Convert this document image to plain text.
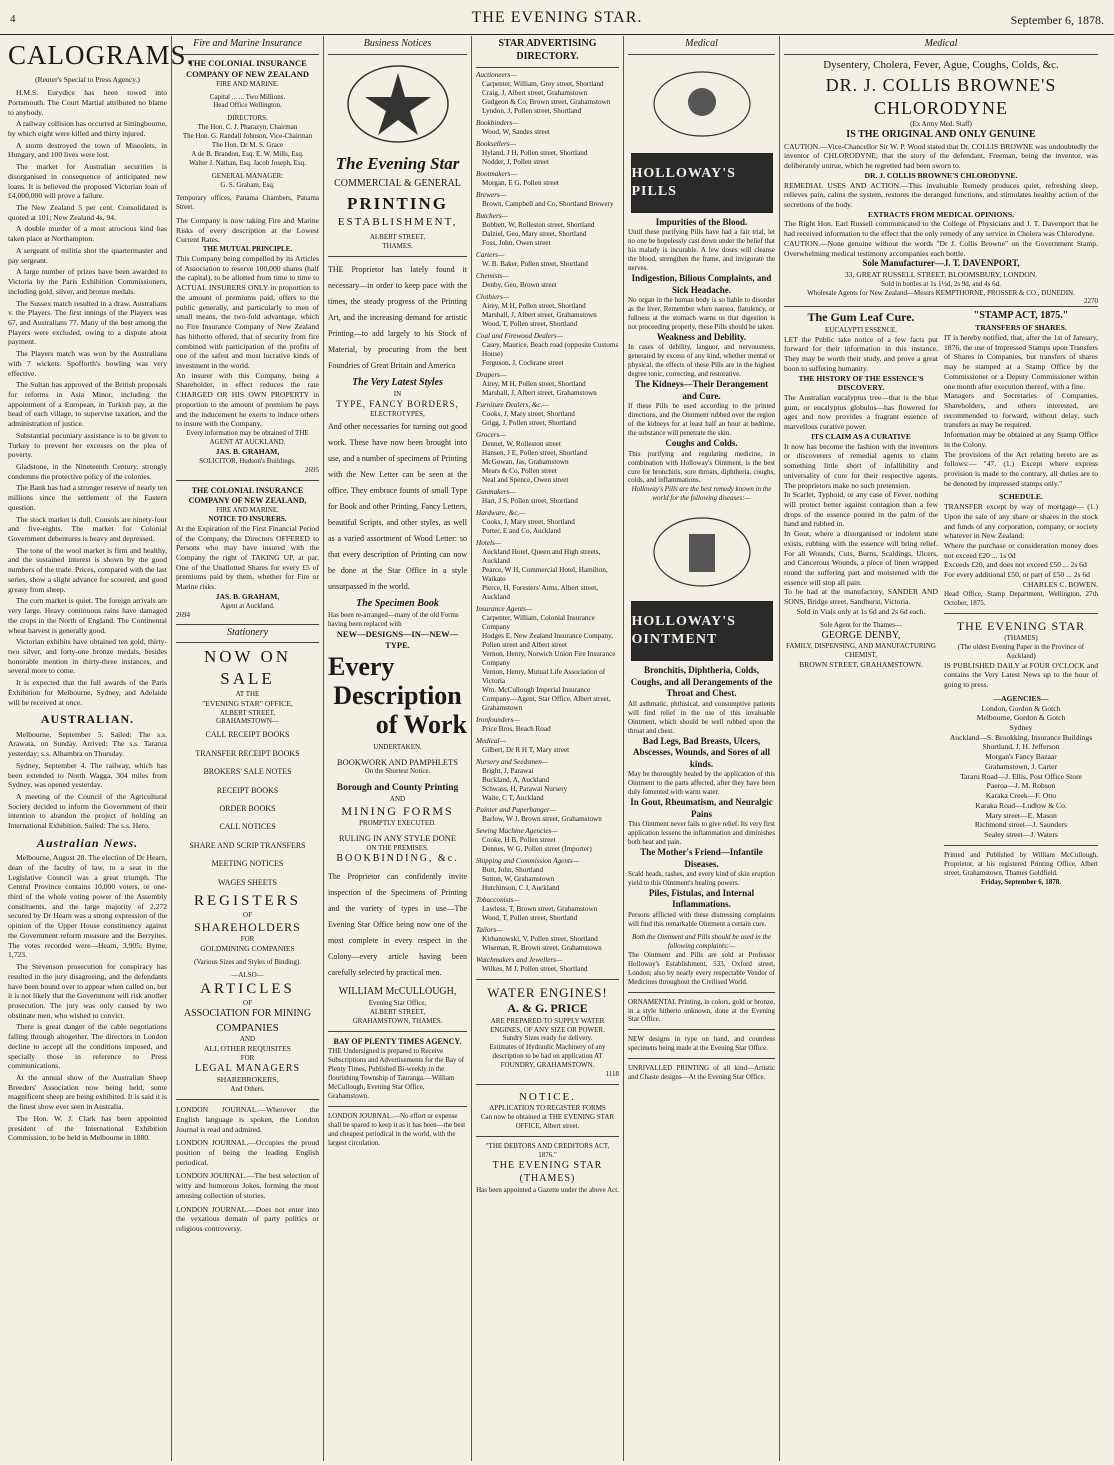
4	THE EVENING STAR.	September 6, 1878.
CALOGRAMS.
(Reuter's Special to Press Agency.)
H.M.S. Eurydice has been towed into Portsmouth. The Court Martial attributed no blame to anybody.
A railway collision has occurred at Sittingbourne, by which eight were killed and thirty injured.
A storm destroyed the town of Miseolets, in Hungary, and 100 lives were lost.
The market for Australian securities is disorganised in consequence of anticipated new loans. It is believed the proposed Victorian loan of £4,000,000 will prove a failure.
The New Zealand 5 per cent. Consolidated is quoted at 101; New Zealand 4s, 94.
A double murder of a most atrocious kind has taken place at Northampton.
A sergeant of militia shot the quartermaster and pay sergeant.
A large number of prizes have been awarded to Victoria by the Paris Exhibition Commissioners, including gold, silver, and bronze medals.
The Sussex match resulted in a draw. Australians v. the Players. The first innings of the Players was 67, and Australians 77. Many of the best among the Players were excluded, owing to a dispute about payment.
The Players match was won by the Australians with 7 wickets. Spofforth's bowling was very effective.
The Sultan has approved of the British proposals for reforms in Asia Minor, including the appointment of a European, in Turkish pay, at the head of each village, to supervise taxation, and the administration of justice.
Substantial pecuniary assistance is to be given to Turkey to prevent her excesses on the plea of poverty.
Gladstone, in the Nineteenth Century, strongly condemns the protective policy of the colonies.
The Bank has had a stronger reserve of nearly ten millions since the settlement of the Eastern question.
The stock market is dull. Consols are ninety-four and five-eights. The market for Colonial Government debentures is heavy and depressed.
The tone of the wool market is firm and healthy, and the sustained interest is shown by the good numbers of the trade. Prices, compared with the last series, show a slight advance for scoured, and good greasy from sheep.
The corn market is quiet. The foreign arrivals are very large. Heavy continuous rains have damaged the crops in the North of England. The Continental wheat harvest is generally good.
Victorian exhibits have obtained ten gold, thirty-two silver, and forty-one bronze medals, besides honorable mention in thirty-three instances, and several more to come.
It is expected that the full awards of the Paris Exhibition for Melbourne, Sydney, and Adelaide will be received at once.
AUSTRALIAN.
Melbourne, September 5. Sailed: The s.s. Arawata, on Sunday. Arrived: The s.s. Tararua yesterday; s.s. Alhambra on Thursday.
Sydney, September 4. The railway, which has been extended to North Wagga, 304 miles from Sydney, was opened yesterday.
A meeting of the Council of the Agricultural Society decided to inform the Government of their intention to abandon the project of holding an International Exhibition. Sailed: The s.s. Hero.
Australian News.
Melbourne, August 28. The election of Dr Hearn, dean of the faculty of law, to a seat in the Legislative Council was a great triumph. The Central Province contains 10,000 voters, or one-third of the whole voting power of the Assembly constituents, and the large majority of 2,272 secured by Dr Hearn was a strong expression of the opinion of the Upper House constituency against the Government reform measure and the Berryites. The votes recorded were—Hearn, 3,905; Byrne, 1,723.
The Stevenson prosecution for conspiracy has resulted in the jury disagreeing, and the defendants have been bound over to appear when called on, but it is not likely that the Government will risk another prosecution. The jury was only caused by two obstinate men, who wished to convict.
There is great danger of the cable negotiations falling through altogether. The directors in London decline to accept all the conditions imposed, and specially those in reference to Press communications.
At the annual show of the Australian Sheep Breeders' Association now being held, some magnificent sheep are being exhibited. It is said it is the finest show ever seen in Australia.
The Hon. W. J. Clark has been appointed president of the International Exhibition Commission, to be held in Melbourne in 1880.
Fire and Marine Insurance
THE COLONIAL INSURANCE COMPANY OF NEW ZEALAND
FIRE AND MARINE.
Capital ... ... Two Millions.
Head Office Wellington.
DIRECTORS.
The Hon. C. J. Pharazyn, Chairman
The Hon. G. Randall Johnson, Vice-Chairman
The Hon. Dr M. S. Grace
A de B. Brandon, Esq. E. W. Mills, Esq.
Walter J. Nathan, Esq. Jacob Joseph, Esq.
GENERAL MANAGER:
G. S. Graham, Esq.
Temporary offices, Panama Chambers, Panama Street.
The Company is now taking Fire and Marine Risks of every description at the Lowest Current Rates.
THE MUTUAL PRINCIPLE.
This Company being compelled by its Articles of Association to reserve 100,000 shares (half the capital), to be allotted from time to time to ACTUAL INSURERS ONLY in proportion to the amount of premiums paid, offers to the public generally, and particularly to men of small means, the two-fold advantage, which no Fire Insurance Company of New Zealand has hitherto offered, that of security from fire combined with participation of the profits of one of the safest and most lucrative kinds of investment in the world.
An insurer with this Company, being a Shareholder, in effect reduces the rate CHARGED OR HIS OWN PROPERTY in proportion to the amount of premium he pays and the inducement he exerts to induce others to insure with the Company.
Every information may be obtained of THE AGENT AT AUCKLAND.
JAS. B. GRAHAM,
SOLICITOR, Hudson's Buildings.
2695
THE COLONIAL INSURANCE COMPANY OF NEW ZEALAND,
FIRE AND MARINE.
NOTICE TO INSURERS.
At the Expiration of the First Financial Period of the Company, the Directors OFFERED to Persons who may have insured with the Company the right of TAKING UP, at par, One of the Unallotted Shares for every £5 of premiums paid by them, whether for Fire or Marine risks.
JAS. B. GRAHAM,
Agent at Auckland.
2694
Stationery
NOW ON SALE
AT THE
"EVENING STAR" OFFICE,
ALBERT STREET,
GRAHAMSTOWN—
CALL RECEIPT BOOKS
TRANSFER RECEIPT BOOKS
BROKERS' SALE NOTES
RECEIPT BOOKS
ORDER BOOKS
CALL NOTICES
SHARE AND SCRIP TRANSFERS
MEETING NOTICES
WAGES SHEETS
REGISTERS
OF
SHAREHOLDERS
FOR
GOLDMINING COMPANIES
(Various Sizes and Styles of Binding).
—ALSO—
ARTICLES
OF
ASSOCIATION FOR MINING
COMPANIES
AND
ALL OTHER REQUISITES
FOR
LEGAL MANAGERS
SHAREBROKERS,
And Others.
LONDON JOURNAL.—Wherever the English language is spoken, the London Journal is read and admired.
LONDON JOURNAL.—Occupies the proud position of being the leading English periodical.
LONDON JOURNAL.—The best selection of witty and humorous Jokes, forming the most amusing collection of stories.
LONDON JOURNAL.—Does not enter into the vexatious domain of party politics or religious controversy.
Business Notices
The Evening Star
COMMERCIAL & GENERAL
PRINTING
ESTABLISHMENT,
ALBERT STREET,
THAMES.
THE Proprietor has lately found it necessary—in order to keep pace with the times, the steady progress of the Printing Art, and the increasing demand for artistic Printing—to add largely to his Stock of Material, by procuring from the best Foundries of Great Britain and America
The Very Latest Styles
IN
TYPE, FANCY BORDERS,
ELECTROTYPES,
And other necessaries for turning out good work. These have now been brought into use, and a number of specimens of Printing with the New Letter can be seen at the office. They embrace founts of small Type for Book and other Printing, Fancy Letters, beautiful Scripts, and other styles, as well as a varied assortment of Wood Letter: so that every description of Printing can now be done at the Star Office in a style unsurpassed in the world.
The Specimen Book
Has been re-arranged—many of the old Forms having been replaced with
NEW—DESIGNS—IN—NEW—TYPE.
Every
Description
of Work
UNDERTAKEN.
BOOKWORK AND PAMPHLETS
On the Shortest Notice.
Borough and County Printing
AND
MINING FORMS
PROMPTLY EXECUTED.
RULING IN ANY STYLE DONE
ON THE PREMISES.
BOOKBINDING, &c.
The Proprietor can confidently invite inspection of the Specimens of Printing and the variety of types in use—The Evening Star Office being now one of the most complete in every respect in the Colony—every article having been carefully selected by practical men.
WILLIAM McCULLOUGH,
Evening Star Office,
ALBERT STREET,
GRAHAMSTOWN, THAMES.
BAY OF PLENTY TIMES AGENCY.
THE Undersigned is prepared to Receive Subscriptions and Advertisements for the Bay of Plenty Times, Published Bi-weekly in the flourishing Township of Tauranga.—William McCullough, Evening Star Office, Grahamstown.
LONDON JOURNAL.—No effort or expense shall be spared to keep it as it has been—the best and cheapest periodical in the world, with the largest circulation.
STAR ADVERTISING DIRECTORY.
Auctioneers—
Carpenter, William, Grey street, Shortland
Craig, J, Albert street, Grahamstown
Gudgeon & Co, Brown street, Grahamstown
Lyndon, J, Pollen street, Shortland
Bookbinders—
Wood, W, Sandes street
Booksellers—
Hyland, J H, Pollen street, Shortland
Nodder, J, Pollen street
Bootmakers—
Morgan, E G, Pollen street
Brewers—
Brown, Campbell and Co, Shortland Brewery
Butchers—
Bobbett, W, Rolleston street, Shortland
Dalziel, Geo, Mary street, Shortland
Foss, John, Owen street
Carters—
W. B. Baker, Pollen street, Shortland
Chemists—
Denby, Geo, Brown street
Clothiers—
Airey, M H, Pollen street, Shortland
Marshall, J, Albert street, Grahamstown
Wood, T, Pollen street, Shortland
Coal and Firewood Dealers—
Casey, Maurice, Beach road (opposite Customs House)
Ferguson, J, Cochrane street
Drapers—
Airey, M H, Pollen street, Shortland
Marshall, J, Albert street, Grahamstown
Furniture Dealers, &c.—
Cooks, J, Mary street, Shortland
Grigg, J, Pollen street, Shortland
Grocers—
Dennet, W, Rolleston street
Hansen, J E, Pollen street, Shortland
McGowan, Jas, Grahamstown
Mears & Co, Pollen street
Neal and Spence, Owen street
Gunmakers—
Hart, J S, Pollen street, Shortland
Hardware, &c.—
Cooks, J, Mary street, Shortland
Porter, E and Co, Auckland
Hotels—
Auckland Hotel, Queen and High streets, Auckland
Pearce, W H, Commercial Hotel, Hamilton, Waikato
Pierce, H, Foresters' Arms, Albert street, Auckland
Insurance Agents—
Carpenter, William, Colonial Insurance Company
Hodges E, New Zealand Insurance Company, Pollen street and Albert street
Vernon, Henry, Norwich Union Fire Insurance Company
Vernon, Henry, Mutual Life Association of Victoria
Wm. McCullough Imperial Insurance Company—Agent, Star Office, Albert street, Grahamstown
Ironfounders—
Price Bros, Beach Road
Medical—
Gilbert, Dr R H T, Mary street
Nursery and Seedsmen—
Bright, J, Parawai
Buckland, A, Auckland
Schwass, H, Parawai Nursery
Waite, C T, Auckland
Painter and Paperhanger—
Barlow, W J, Brown street, Grahamstown
Sewing Machine Agencies—
Cooke, H B, Pollen street
Dennes, W G, Pollen street (Importer)
Shipping and Commission Agents—
Butt, John, Shortland
Sutton, W, Grahamstown
Hutchinson, C J, Auckland
Tobacconists—
Lawless, T, Brown street, Grahamstown
Wood, T, Pollen street, Shortland
Tailors—
Kirbanowski, V, Pollen street, Shortland
Wiseman, R, Brown street, Grahamstown
Watchmakers and Jewellers—
Wilkes, M J, Pollen street, Shortland
WATER ENGINES!
A. & G. PRICE
ARE PREPARED TO SUPPLY WATER ENGINES, OF ANY SIZE OR POWER.
Sundry Sizes ready for delivery.
Estimates of Hydraulic Machinery of any description to be had on application AT FOUNDRY, GRAHAMSTOWN.
1118
NOTICE.
APPLICATION TO REGISTER FORMS
Can now be obtained at THE EVENING STAR OFFICE, Albert street.
"THE DEBTORS AND CREDITORS ACT, 1876."
THE EVENING STAR (THAMES)
Has been appointed a Gazette under the above Act.
Medical
HOLLOWAY'S PILLS
Impurities of the Blood.
Until these purifying Pills have had a fair trial, let no one be hopelessly cast down under the belief that his malady is incurable. A few doses will cleanse the blood, strengthen the frame, and invigorate the nerves.
Indigestion, Bilious Complaints, and Sick Headache.
No organ in the human body is so liable to disorder as the liver. Remember when nausea, flatulency, or fullness at the stomach warns us that digestion is not proceeding properly, these Pills should be taken.
Weakness and Debility.
In cases of debility, languor, and nervousness, generated by excess of any kind, whether mental or physical, the effects of these Pills are in the highest degree tonic, correcting, and restorative.
The Kidneys—Their Derangement and Cure.
If these Pills be used according to the printed directions, and the Ointment rubbed over the region of the kidneys for at least half an hour at bedtime, the substance will penetrate the skin.
Coughs and Colds.
This purifying and regulating medicine, in combination with Holloway's Ointment, is the best cure for bronchitis, sore throats, diphtheria, coughs, colds, and inflammations.
Holloway's Pills are the best remedy known in the world for the following diseases:—
HOLLOWAY'S OINTMENT
Bronchitis, Diphtheria, Colds, Coughs, and all Derangements of the Throat and Chest.
All asthmatic, phthisical, and consumptive patients will find relief in the use of this invaluable Ointment, which should be well rubbed upon the throat and chest.
Bad Legs, Bad Breasts, Ulcers, Abscesses, Wounds, and Sores of all kinds.
May be thoroughly healed by the application of this Ointment to the parts affected, after they have been duly fomented with warm water.
In Gout, Rheumatism, and Neuralgic Pains
This Ointment never fails to give relief. Its very first application lessens the inflammation and diminishes both heat and pain.
The Mother's Friend—Infantile Diseases.
Scald heads, rashes, and every kind of skin eruption yield to this Ointment's healing powers.
Piles, Fistulas, and Internal Inflammations.
Persons afflicted with these distressing complaints will find this remarkable Ointment a certain cure.
Both the Ointment and Pills should be used in the following complaints:—
The Ointment and Pills are sold at Professor Holloway's Establishment, 533, Oxford street, London; also by nearly every respectable Vendor of Medicines throughout the Civilised World.
ORNAMENTAL Printing, in colors, gold or bronze, in a style hitherto unknown, done at the Evening Star Office.
NEW designs in type on hand, and countless specimens being made at the Evening Star Office.
UNRIVALLED PRINTING of all kind—Artistic and Chaste designs—At the Evening Star Office.
Medical
Dysentery, Cholera, Fever, Ague, Coughs, Colds, &c.
DR. J. COLLIS BROWNE'S CHLORODYNE
(Ex Army Med. Staff)
IS THE ORIGINAL AND ONLY GENUINE
CAUTION.—Vice-Chancellor Sir W. P. Wood stated that Dr. COLLIS BROWNE was undoubtedly the inventor of CHLORODYNE; that the story of the defendant, Freeman, being the inventor, was deliberately untrue, which he regretted had been sworn to.
DR. J. COLLIS BROWNE'S CHLORODYNE.
REMEDIAL USES AND ACTION.—This invaluable Remedy produces quiet, refreshing sleep, relieves pain, calms the system, restores the deranged functions, and stimulates healthy action of the secretions of the body.
EXTRACTS FROM MEDICAL OPINIONS.
The Right Hon. Earl Russell communicated to the College of Physicians and J. T. Davenport that he had received information to the effect that the only remedy of any service in Cholera was Chlorodyne.
CAUTION.—None genuine without the words "Dr J. Collis Browne" on the Government Stamp. Overwhelming medical testimony accompanies each bottle.
Sole Manufacturer—J. T. DAVENPORT,
33, GREAT RUSSELL STREET, BLOOMSBURY, LONDON.
Sold in bottles at 1s 1½d, 2s 9d, and 4s 6d.
Wholesale Agents for New Zealand—Messrs KEMPTHORNE, PROSSER & CO., DUNEDIN.
2270
The Gum Leaf Cure.
EUCALYPTI ESSENCE.
LET the Public take notice of a few facts put forward for their information in this instance. They may be worth their study, and prove a great boon to suffering humanity.
THE HISTORY OF THE ESSENCE'S DISCOVERY.
The Australian eucalyptus tree—that is the blue gum, or eucalyptus globulus—has flowered for ages and now provides a fragrant essence of marvellous curative power.
ITS CLAIM AS A CURATIVE
It now has become the fashion with the inventors or discoverers of remedial agents to claim something little short of infallibility and universality of cure for their respective agents. The proprietors make no such pretension.
In Scarlet, Typhoid, or any case of Fever, nothing will protect better against contagion than a few drops of the essence poured in the palm of the hand and rubbed in.
In Gout, where a disorganised or indolent state exists, rubbing with the essence will bring relief. For all Wounds, Cuts, Burns, Scaldings, Ulcers, and Cancerous Wounds, a piece of linen wrapped round the suffering part and moistened with the essence will stop all pain.
To be had at the manufactory, SANDER AND SONS, Bridge street, Sandhurst, Victoria.
Sold in Vials only at 1s 6d and 2s 6d each.
Sole Agent for the Thames—
GEORGE DENBY,
FAMILY, DISPENSING, AND MANUFACTURING CHEMIST,
BROWN STREET, GRAHAMSTOWN.
"STAMP ACT, 1875."
TRANSFERS OF SHARES.
IT is hereby notified, that, after the 1st of January, 1876, the use of Impressed Stamps upon Transfers of Shares in Companies, but transfers of shares may be stamped at a Stamp Office by the Commissioner or a Deputy Commissioner within one month after execution thereof, with a fine.
Managers and Secretaries of Companies, Shareholders, and others interested, are recommended to forward, without delay, such transfers as may be required.
Information may be obtained at any Stamp Office in the Colony.
The provisions of the Act relating hereto are as follows:— "47. (1.) Except where express provision is made to the contrary, all duties are to be denoted by impressed stamps only."
SCHEDULE.
TRANSFER except by way of mortgage— (1.) Upon the sale of any share or shares in the stock and funds of any corporation, company, or society whatever in New Zealand:
Where the purchase or consideration money does not exceed £20 ... 1s 0d
Exceeds £20, and does not exceed £50 ... 2s 6d
For every additional £50, or part of £50 ... 2s 6d
CHARLES C. BOWEN.
Head Office, Stamp Department, Wellington, 27th October, 1875.
THE EVENING STAR
(THAMES)
(The oldest Evening Paper in the Province of Auckland)
IS PUBLISHED DAILY at FOUR O'CLOCK and contains the Very Latest News up to the hour of going to press.
—AGENCIES—
London, Gordon & Gotch
Melbourne, Gordon & Gotch
Sydney
Auckland—S. Brookking, Insurance Buildings
Shortland, J. H. Jefferson
Morgan's Fancy Bazaar
Grahamstown, J. Carter
Tararu Road—J. Ellis, Post Office Store
Paeroa—J. M. Robson
Karaka Creek—F. Otto
Karaka Road—Ludlow & Co.
Mary street—E. Mason
Richmond street—J. Saunders
Sealey street—J. Waters
Printed and Published by William McCullough, Proprietor, at his registered Printing Office, Albert street, Grahamstown, Thames Goldfield.
Friday, September 6, 1878.
